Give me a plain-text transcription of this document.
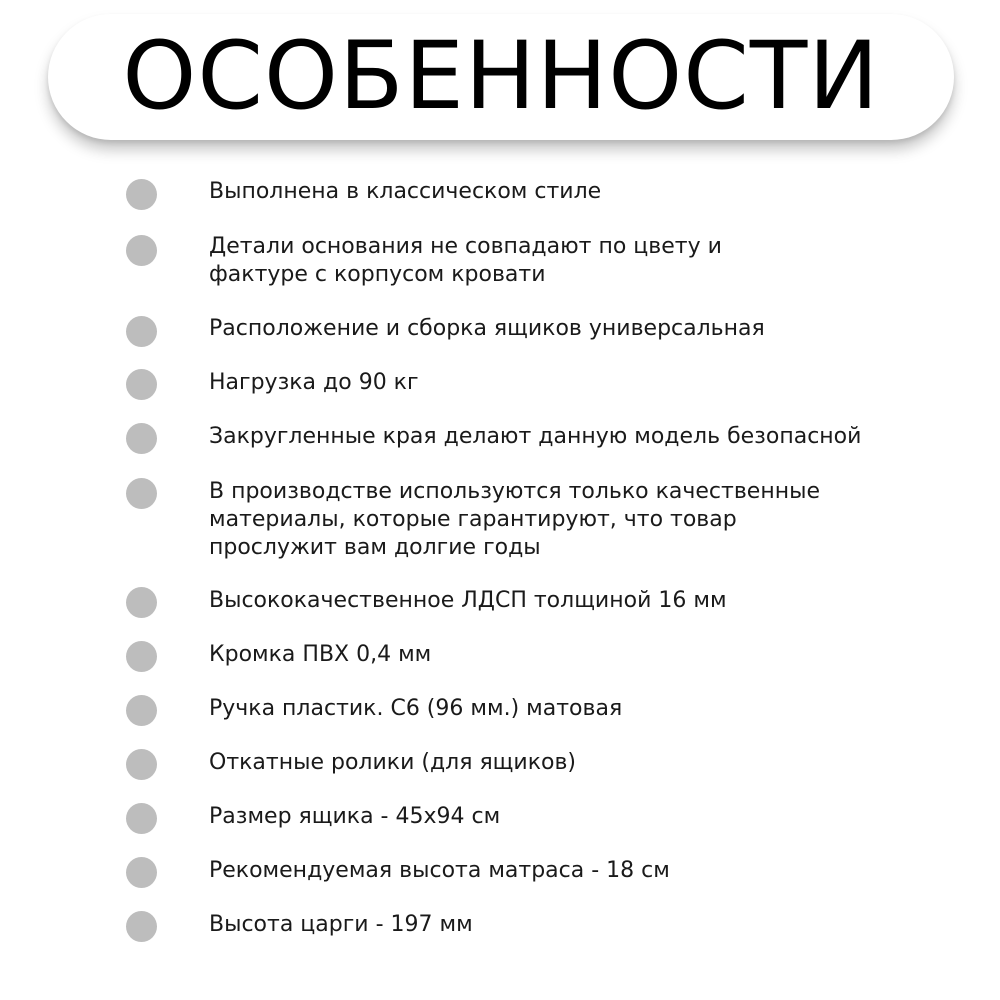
ОСОБЕННОСТИ
Выполнена в классическом стиле
Детали основания не совпадают по цвету и
фактуре с корпусом кровати
Расположение и сборка ящиков универсальная
Нагрузка до 90 кг
Закругленные края делают данную модель безопасной
В производстве используются только качественные
материалы, которые гарантируют, что товар
прослужит вам долгие годы
Высококачественное ЛДСП толщиной 16 мм
Кромка ПВХ 0,4 мм
Ручка пластик. С6 (96 мм.) матовая
Откатные ролики (для ящиков)
Размер ящика - 45х94 см
Рекомендуемая высота матраса - 18 см
Высота царги - 197 мм
